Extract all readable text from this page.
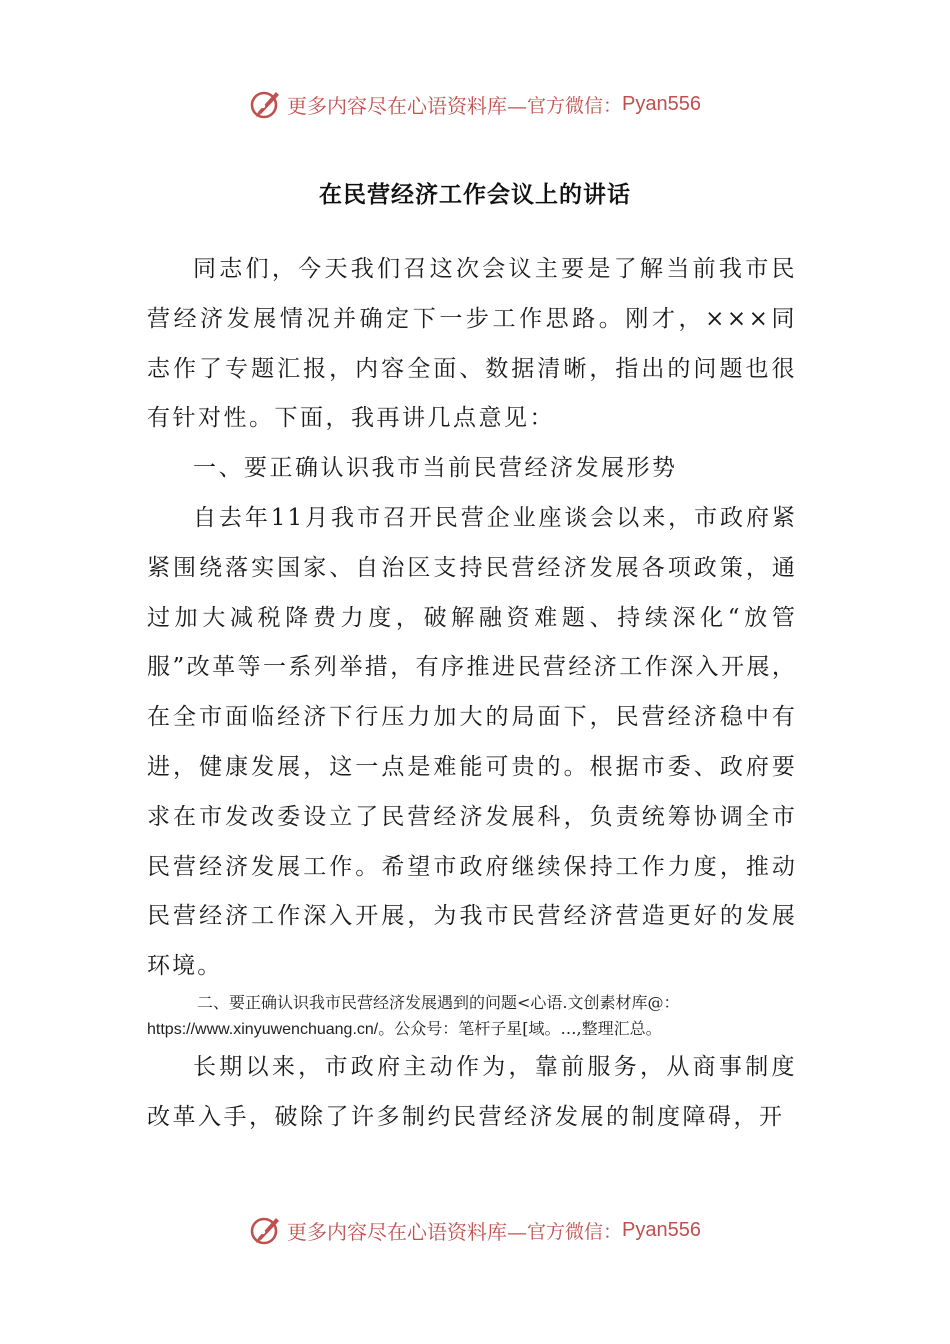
更多内容尽在心语资料库— 官方微信： Pyan556
在民营经济工作会议上的讲话

同志们，今天我们召这次会议主要是了解当前我市民营经济发展情况并确定下一步工作思路。刚才，×××同志作了专题汇报，内容全面、数据清晰，指出的问题也很有针对性。下面，我再讲几点意见：

一、要正确认识我市当前民营经济发展形势

自去年11月我市召开民营企业座谈会以来，市政府紧紧围绕落实国家、自治区支持民营经济发展各项政策，通过加大减税降费力度，破解融资难题、持续深化“放管服”改革等一系列举措，有序推进民营经济工作深入开展，在全市面临经济下行压力加大的局面下，民营经济稳中有进，健康发展，这一点是难能可贵的。根据市委、政府要求在市发改委设立了民营经济发展科，负责统筹协调全市民营经济发展工作。希望市政府继续保持工作力度，推动民营经济工作深入开展，为我市民营经济营造更好的发展环境。

二、要正确认识我市民营经济发展遇到的问题<心语.文创素材库@：
https://www.xinyuwenchuang.cn/。公众号：笔杆子星[域。…,整理汇总。

长期以来，市政府主动作为，靠前服务，从商事制度改革入手，破除了许多制约民营经济发展的制度障碍，开

更多内容尽在心语资料库— 官方微信： Pyan556
